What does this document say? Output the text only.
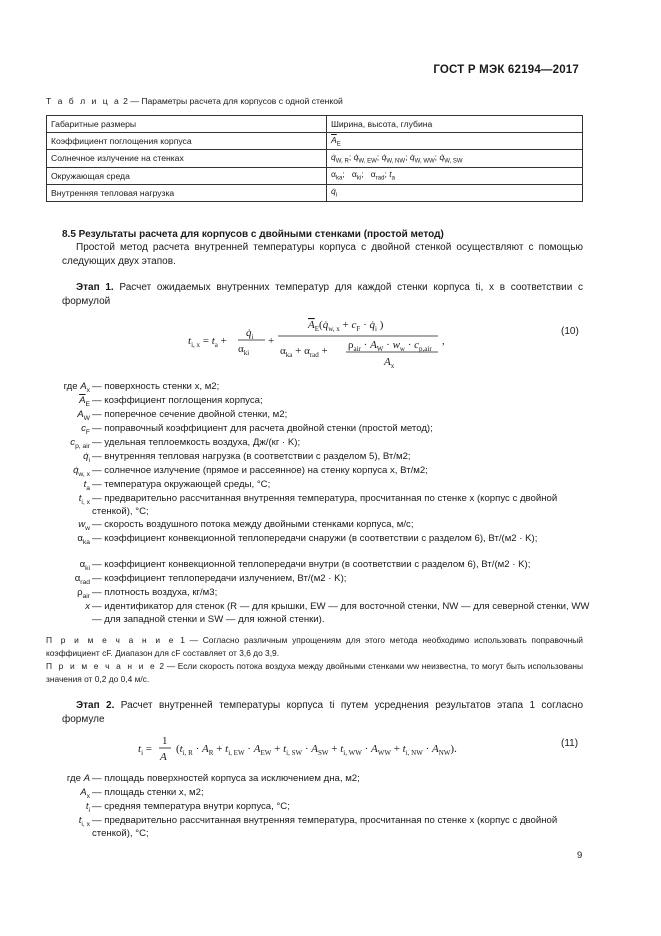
ГОСТ Р МЭК 62194—2017
Т а б л и ц а 2 — Параметры расчета для корпусов с одной стенкой
Габаритные размеры	Ширина, высота, глубина
Коэффициент поглощения корпуса	$\overline{A}_E$
Солнечное излучение на стенках	$q̇_{W, R}$; $q̇_{W, EW}$; $q̇_{W, NW}$; $q̇_{W, WW}$; $q̇_{W, SW}$
Окружающая среда	$\alpha_{ka}$;   $\alpha_{ki}$;   $\alpha_{rad}$; $t_a$
Внутренняя тепловая нагрузка	$q̇_i$
8.5 Результаты расчета для корпусов с двойными стенками (простой метод)
Простой метод расчета внутренней температуры корпуса с двойной стенкой осуществляют с помощью следующих двух этапов.
Этап 1. Расчет ожидаемых внутренних температур для каждой стенки корпуса ti, x в соответствии с формулой
$t_{i, x} = t_a$ +
$q̇_i$
$\alpha_{ki}$
+
$A_E(q̇_{w, x} + c_F$ · $q̇_i$ )
$\alpha_{ka} + \alpha_{rad} + \rho_{air} \cdot A_W \cdot w_w \cdot c_{p,air}$
$A_x$
,
(10)
где $A_x$ — поверхность стенки x, м2;
$\overline{A}_E$ — коэффициент поглощения корпуса;
$A_W$ — поперечное сечение двойной стенки, м2;
$c_F$ — поправочный коэффициент для расчета двойной стенки (простой метод);
$c_{p, air}$ — удельная теплоемкость воздуха, Дж/(кг · K);
$q̇_i$ — внутренняя тепловая нагрузка (в соответствии с разделом 5), Вт/м2;
$q̇_{w, x}$ — солнечное излучение (прямое и рассеянное) на стенку корпуса x, Вт/м2;
$t_a$ — температура окружающей среды, °C;
$t_{i, x}$ — предварительно рассчитанная внутренняя температура, просчитанная по стенке x (корпус с двойной стенкой), °C;
$w_w$ — скорость воздушного потока между двойными стенками корпуса, м/с;
$\alpha_{ka}$ — коэффициент конвекционной теплопередачи снаружи (в соответствии с разделом 6), Вт/(м2 · K);
$\alpha_{ki}$ — коэффициент конвекционной теплопередачи внутри (в соответствии с разделом 6), Вт/(м2 · K);
$\alpha_{rad}$ — коэффициент теплопередачи излучением, Вт/(м2 · K);
$\rho_{air}$ — плотность воздуха, кг/м3;
x — идентификатор для стенок (R — для крышки, EW — для восточной стенки, NW — для северной стенки, WW — для западной стенки и SW — для южной стенки).
П р и м е ч а н и е 1 — Согласно различным упрощениям для этого метода необходимо использовать поправочный коэффициент cF. Диапазон для cF составляет от 3,6 до 3,9.
П р и м е ч а н и е 2 — Если скорость потока воздуха между двойными стенками ww неизвестна, то могут быть использованы значения от 0,2 до 0,4 м/с.
Этап 2. Расчет внутренней температуры корпуса ti путем усреднения результатов этапа 1 согласно формуле
$t_i$ =
1
A
$(t_{i, R} \cdot A_R + t_{i, EW} \cdot A_{EW} + t_{i, SW} \cdot A_{SW} + t_{i, WW} \cdot A_{WW} + t_{i, NW} \cdot A_{NW})$.	(11)
где A — площадь поверхностей корпуса за исключением дна, м2;
$A_x$ — площадь стенки x, м2;
$t_i$ — средняя температура внутри корпуса, °C;
$t_{i, x}$ — предварительно рассчитанная внутренняя температура, просчитанная по стенке x (корпус с двойной стенкой), °C;
9
